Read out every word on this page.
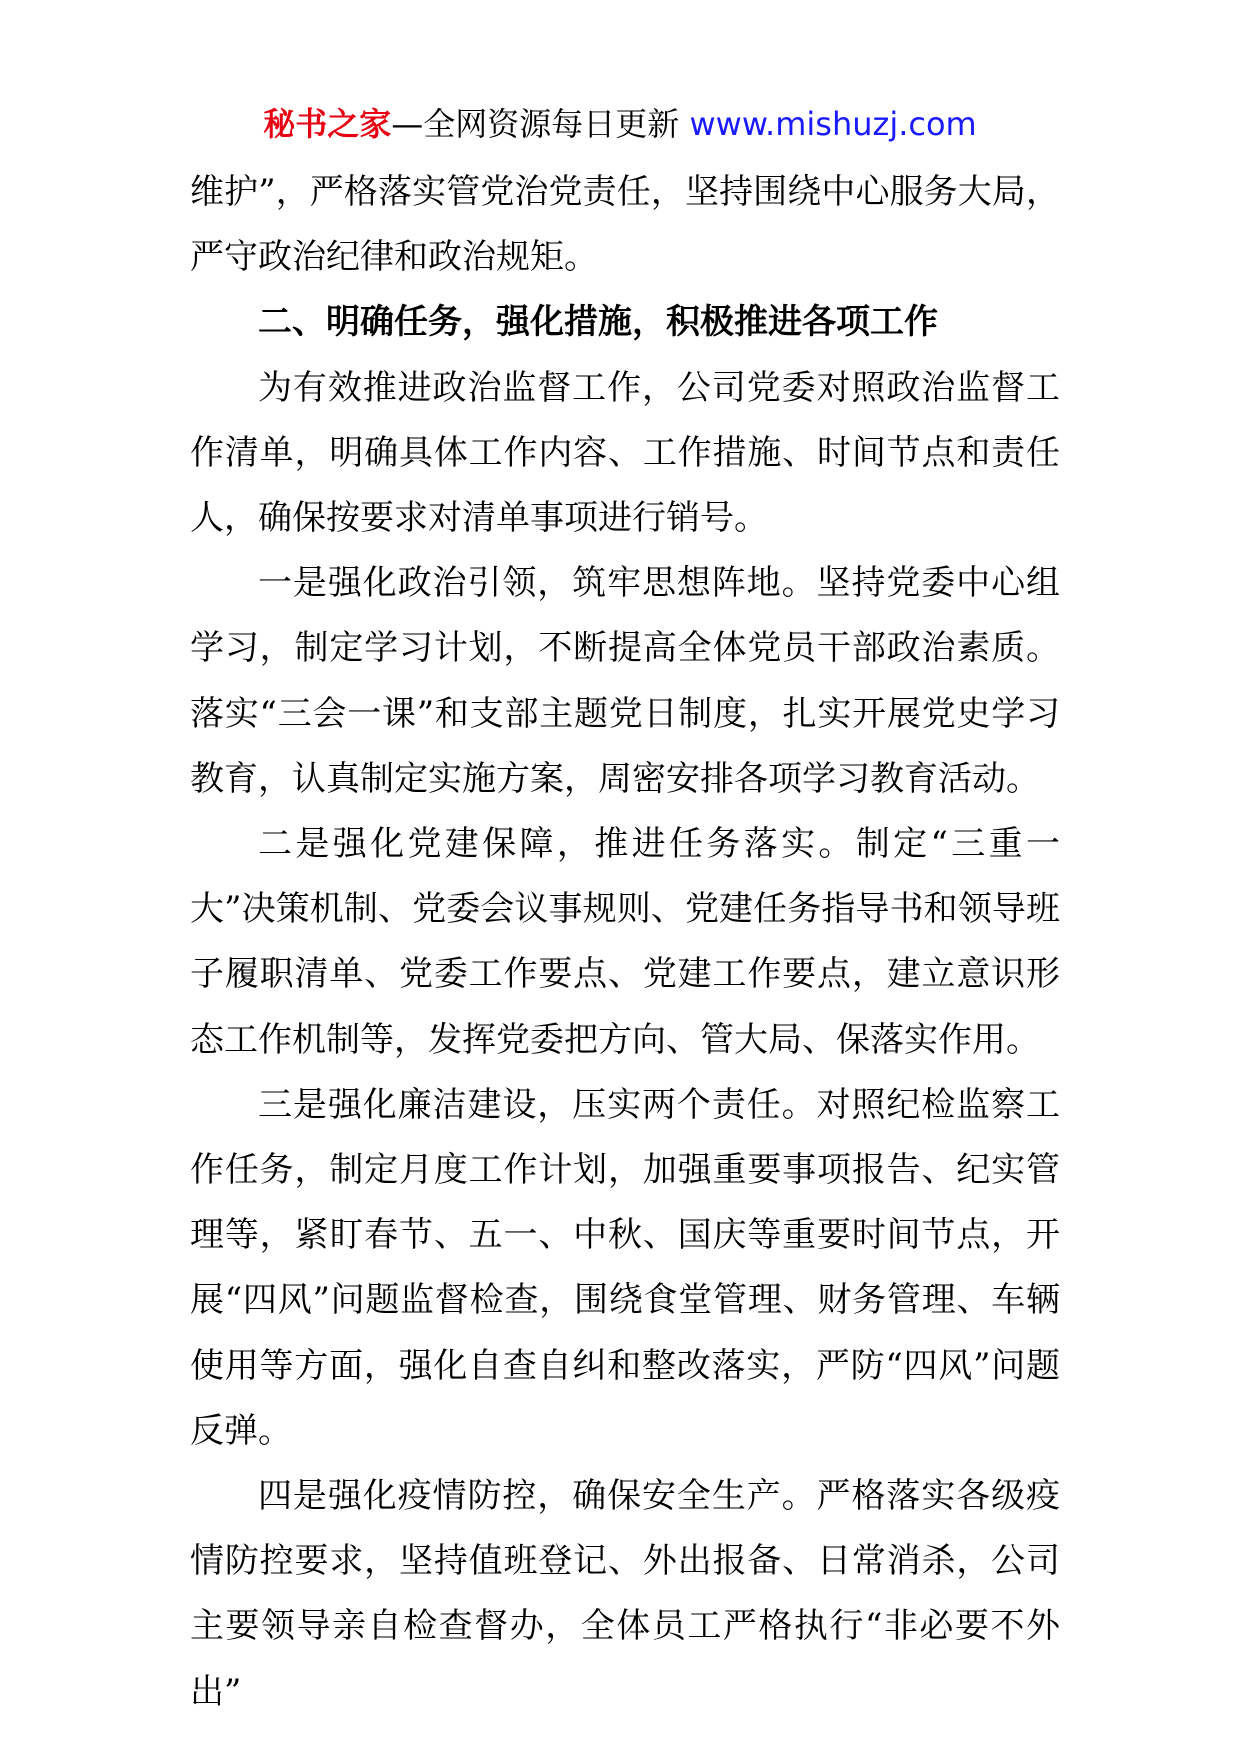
秘书之家—全网资源每日更新 www.mishuzj.com

维护”，严格落实管党治党责任，坚持围绕中心服务大局，严守政治纪律和政治规矩。

二、明确任务，强化措施，积极推进各项工作

为有效推进政治监督工作，公司党委对照政治监督工作清单，明确具体工作内容、工作措施、时间节点和责任人，确保按要求对清单事项进行销号。

一是强化政治引领，筑牢思想阵地。坚持党委中心组学习，制定学习计划，不断提高全体党员干部政治素质。落实“三会一课”和支部主题党日制度，扎实开展党史学习教育，认真制定实施方案，周密安排各项学习教育活动。

二是强化党建保障，推进任务落实。制定“三重一大”决策机制、党委会议事规则、党建任务指导书和领导班子履职清单、党委工作要点、党建工作要点，建立意识形态工作机制等，发挥党委把方向、管大局、保落实作用。

三是强化廉洁建设，压实两个责任。对照纪检监察工作任务，制定月度工作计划，加强重要事项报告、纪实管理等，紧盯春节、五一、中秋、国庆等重要时间节点，开展“四风”问题监督检查，围绕食堂管理、财务管理、车辆使用等方面，强化自查自纠和整改落实，严防“四风”问题反弹。

四是强化疫情防控，确保安全生产。严格落实各级疫情防控要求，坚持值班登记、外出报备、日常消杀，公司主要领导亲自检查督办，全体员工严格执行“非必要不外出”
